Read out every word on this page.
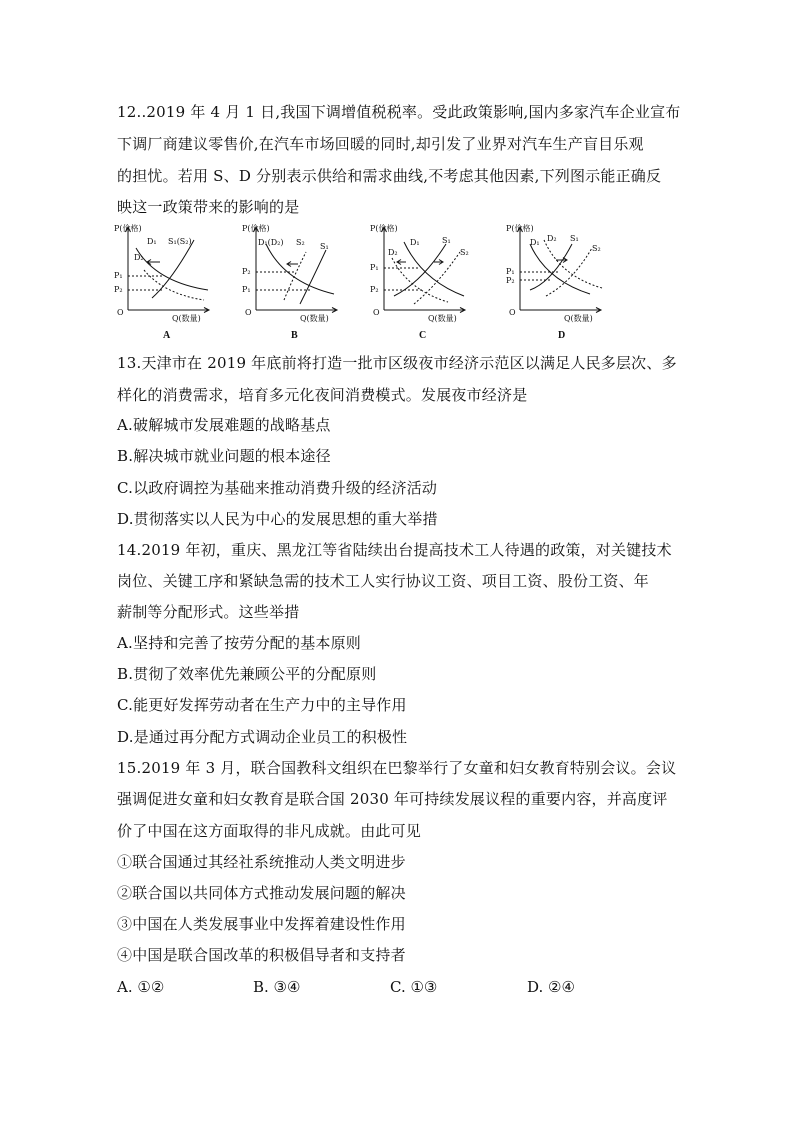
12..2019 年 4 月 1 日,我国下调增值税税率。受此政策影响,国内多家汽车企业宣布
下调厂商建议零售价,在汽车市场回暖的同时,却引发了业界对汽车生产盲目乐观
的担忧。若用 S、D 分别表示供给和需求曲线,不考虑其他因素,下列图示能正确反
映这一政策带来的影响的是
P(价格)
D₂
D₁ S₁(S₂)
P₁
P₂
O
Q(数量)
A
P(价格)
D₁(D₂) S₂ S₁
P₂
P₁
O
Q(数量)
B
P(价格)
D₂
D₁	S₁
S₂
P₁
P₂
O
Q(数量)
C
P(价格)
D₁ D₂ S₁
S₂
P₁
P₂
O
Q(数量)
D
13.天津市在 2019 年底前将打造一批市区级夜市经济示范区以满足人民多层次、多
样化的消费需求，培育多元化夜间消费模式。发展夜市经济是
A.破解城市发展难题的战略基点
B.解决城市就业问题的根本途径
C.以政府调控为基础来推动消费升级的经济活动
D.贯彻落实以人民为中心的发展思想的重大举措
14.2019 年初，重庆、黑龙江等省陆续出台提高技术工人待遇的政策，对关键技术
岗位、关键工序和紧缺急需的技术工人实行协议工资、项目工资、股份工资、年
薪制等分配形式。这些举措
A.坚持和完善了按劳分配的基本原则
B.贯彻了效率优先兼顾公平的分配原则
C.能更好发挥劳动者在生产力中的主导作用
D.是通过再分配方式调动企业员工的积极性
15.2019 年 3 月，联合国教科文组织在巴黎举行了女童和妇女教育特别会议。会议
强调促进女童和妇女教育是联合国 2030 年可持续发展议程的重要内容，并高度评
价了中国在这方面取得的非凡成就。由此可见
①联合国通过其经社系统推动人类文明进步
②联合国以共同体方式推动发展问题的解决
③中国在人类发展事业中发挥着建设性作用
④中国是联合国改革的积极倡导者和支持者
A. ①②	B. ③④	C. ①③	D. ②④
